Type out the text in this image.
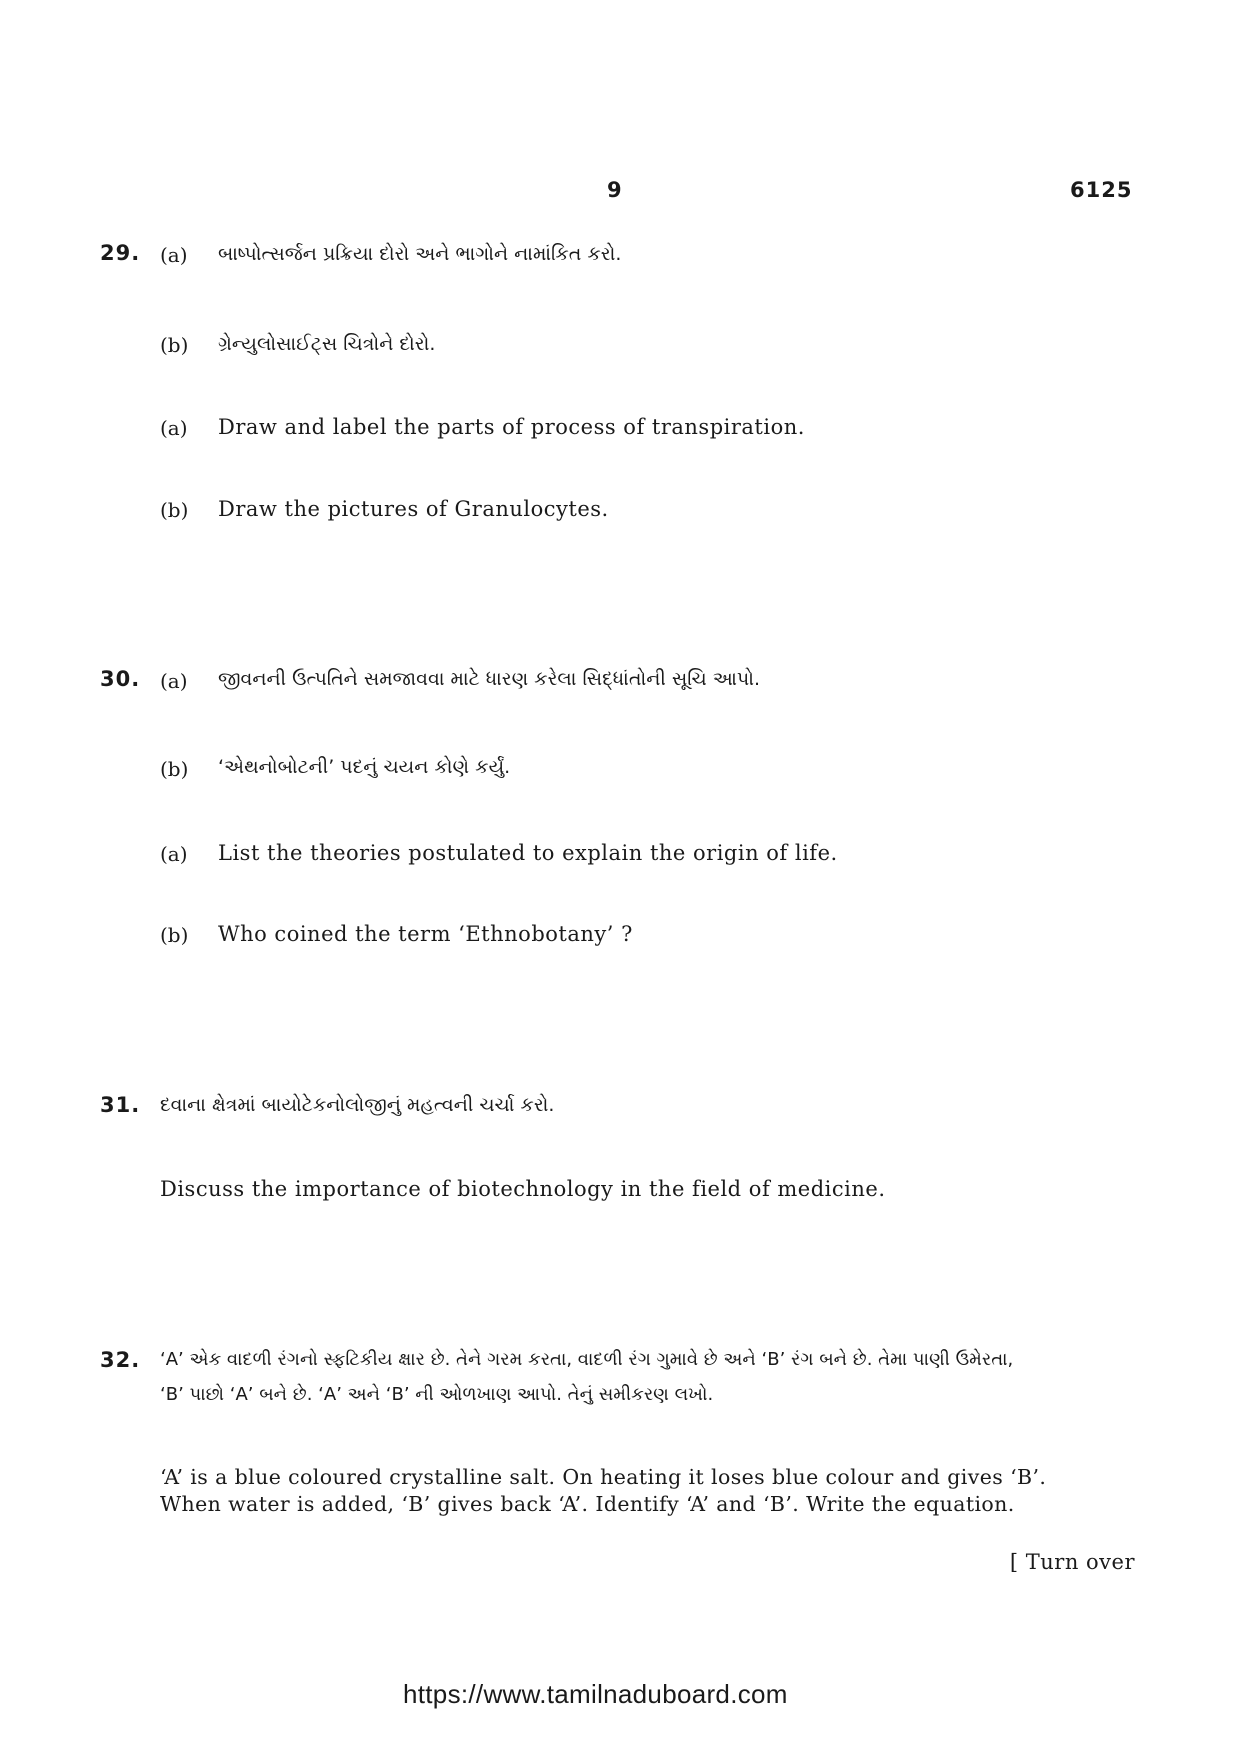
9	6125
29. (a) બાષ્પોત્સર્જન પ્રક્રિયા દોરો અને ભાગોને નામાંકિત કરો.
(b) ગ્રેન્યુલોસાઈટ્સ ચિત્રોને દોરો.
(a) Draw and label the parts of process of transpiration.
(b) Draw the pictures of Granulocytes.
30. (a) જીવનની ઉત્પતિને સમજાવવા માટે ધારણ કરેલા સિદ્ધાંતોની સૂચિ આપો.
(b) ‘એથનોબોટની’ પદનું ચયન કોણે કર્યું.
(a) List the theories postulated to explain the origin of life.
(b) Who coined the term ‘Ethnobotany’ ?
31. દવાના ક્ષેત્રમાં બાયોટેકનોલોજીનું મહત્વની ચર્ચા કરો.
Discuss the importance of biotechnology in the field of medicine.
32. ‘A’ એક વાદળી રંગનો સ્ફટિકીય ક્ષાર છે. તેને ગરમ કરતા, વાદળી રંગ ગુમાવે છે અને ‘B’ રંગ બને છે. તેમા પાણી ઉમેરતા,
‘B’ પાછો ‘A’ બને છે. ‘A’ અને ‘B’ ની ઓળખાણ આપો. તેનું સમીકરણ લખો.
‘A’ is a blue coloured crystalline salt. On heating it loses blue colour and gives ‘B’.
When water is added, ‘B’ gives back ‘A’. Identify ‘A’ and ‘B’. Write the equation.
[ Turn over
https://www.tamilnaduboard.com
